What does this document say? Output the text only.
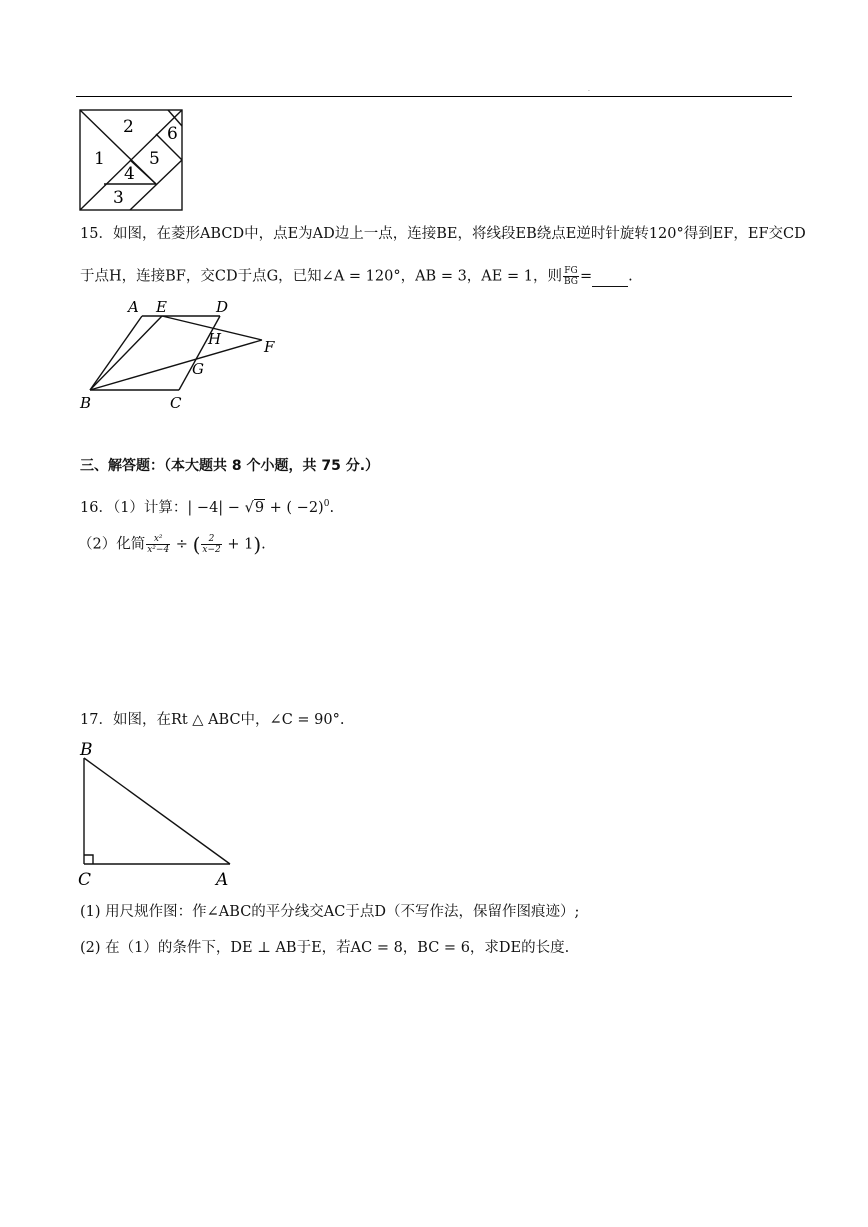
.
2 6
1	5
4
3
15．如图，在菱形ABCD中，点E为AD边上一点，连接BE，将线段EB绕点E逆时针旋转120°得到EF，EF交CD
于点H，连接BF，交CD于点G，已知∠A = 120°，AB = 3，AE = 1，则 $\frac{FG}{BG}$ = .
A E	D
H	F
G
B	C
三、解答题：（本大题共 8 个小题，共 75 分.）
16．（1）计算：| −4| − √9 + ( −2)$^0$.
（2）化简 $\frac{\text{x²}}{\text{x²−4}}$ ÷ ( $\frac{2}{x-2} + 1$).
17．如图，在Rt △ ABC中，∠C = 90°.
B
C	A
(1) 用尺规作图：作∠ABC的平分线交AC于点D（不写作法，保留作图痕迹）;
(2) 在（1）的条件下，DE ⊥ AB于E，若AC = 8，BC = 6，求DE的长度.
